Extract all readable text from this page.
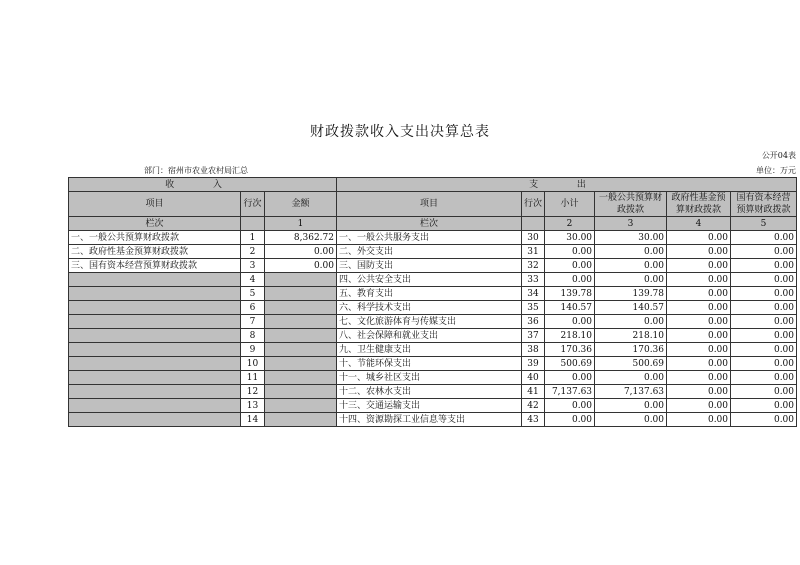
财政拨款收入支出决算总表
公开04表
部门：宿州市农业农村局汇总	单位：万元
收 入			支 出					
项目	行次	金额	项目	行次	小计	一般公共预算财政拨款	政府性基金预算财政拨款	国有资本经营预算财政拨款
栏次		1	栏次		2	3	4	5
一、一般公共预算财政拨款	1	8,362.72	一、一般公共服务支出	30	30.00	30.00	0.00	0.00
二、政府性基金预算财政拨款	2	0.00	二、外交支出	31	0.00	0.00	0.00	0.00
三、国有资本经营预算财政拨款	3	0.00	三、国防支出	32	0.00	0.00	0.00	0.00
	4		四、公共安全支出	33	0.00	0.00	0.00	0.00
	5		五、教育支出	34	139.78	139.78	0.00	0.00
	6		六、科学技术支出	35	140.57	140.57	0.00	0.00
	7		七、文化旅游体育与传媒支出	36	0.00	0.00	0.00	0.00
	8		八、社会保障和就业支出	37	218.10	218.10	0.00	0.00
	9		九、卫生健康支出	38	170.36	170.36	0.00	0.00
	10		十、节能环保支出	39	500.69	500.69	0.00	0.00
	11		十一、城乡社区支出	40	0.00	0.00	0.00	0.00
	12		十二、农林水支出	41	7,137.63	7,137.63	0.00	0.00
	13		十三、交通运输支出	42	0.00	0.00	0.00	0.00
	14		十四、资源勘探工业信息等支出	43	0.00	0.00	0.00	0.00
